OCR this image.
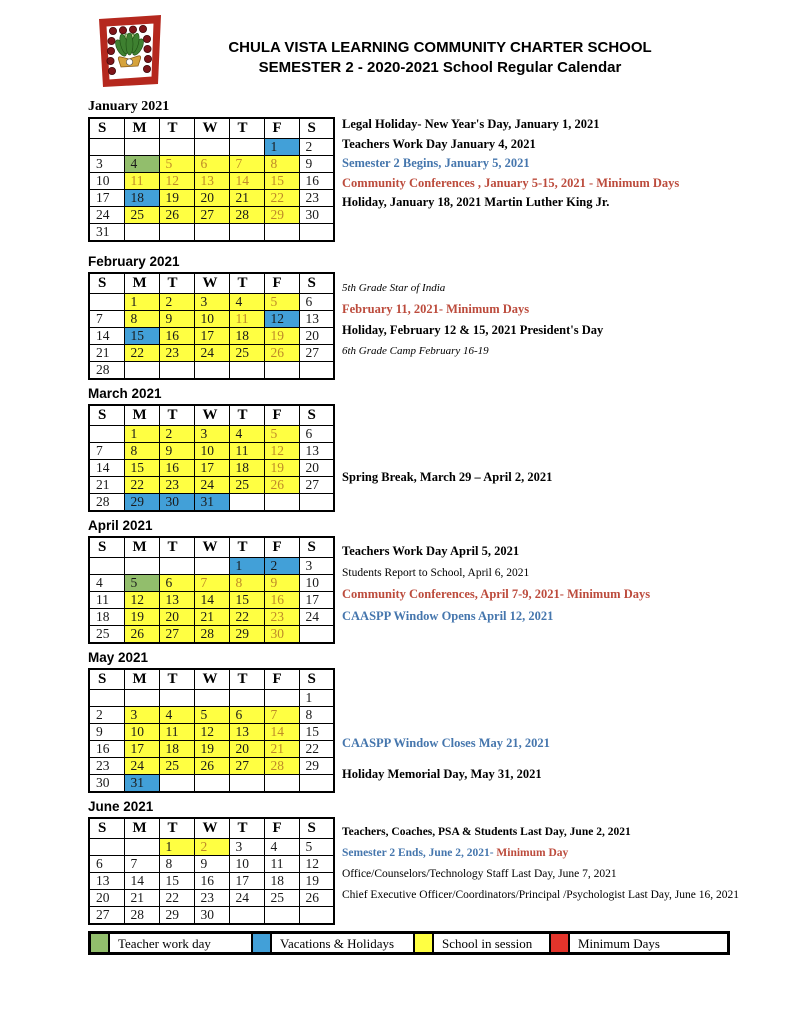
CHULA VISTA LEARNING COMMUNITY CHARTER SCHOOL
SEMESTER 2 - 2020-2021 School Regular Calendar
January 2021
S	M	T	W	T	F	S
					1	2
3	4	5	6	7	8	9
10	11	12	13	14	15	16
17	18	19	20	21	22	23
24	25	26	27	28	29	30
31						
Legal Holiday- New Year's Day, January 1, 2021
Teachers Work Day January 4, 2021
Semester 2 Begins, January 5, 2021
Community Conferences , January 5-15, 2021 - Minimum Days
Holiday, January 18, 2021 Martin Luther King Jr.
February 2021
S	M	T	W	T	F	S
	1	2	3	4	5	6
7	8	9	10	11	12	13
14	15	16	17	18	19	20
21	22	23	24	25	26	27
28						
5th Grade Star of India
February 11, 2021- Minimum Days
Holiday, February 12 & 15, 2021 President's Day
6th Grade Camp February 16-19
March 2021
S	M	T	W	T	F	S
	1	2	3	4	5	6
7	8	9	10	11	12	13
14	15	16	17	18	19	20
21	22	23	24	25	26	27
28	29	30	31			
Spring Break, March 29 – April 2, 2021
April 2021
S	M	T	W	T	F	S
				1	2	3
4	5	6	7	8	9	10
11	12	13	14	15	16	17
18	19	20	21	22	23	24
25	26	27	28	29	30	
Teachers Work Day April 5, 2021
Students Report to School, April 6, 2021
Community Conferences, April 7-9, 2021- Minimum Days
CAASPP Window Opens April 12, 2021
May 2021
S	M	T	W	T	F	S
						1
2	3	4	5	6	7	8
9	10	11	12	13	14	15
16	17	18	19	20	21	22
23	24	25	26	27	28	29
30	31					
CAASPP Window Closes May 21, 2021
Holiday Memorial Day, May 31, 2021
June 2021
S	M	T	W	T	F	S
		1	2	3	4	5
6	7	8	9	10	11	12
13	14	15	16	17	18	19
20	21	22	23	24	25	26
27	28	29	30			
Teachers, Coaches, PSA & Students Last Day, June 2, 2021
Semester 2 Ends, June 2, 2021- Minimum Day
Office/Counselors/Technology Staff Last Day, June 7, 2021
Chief Executive Officer/Coordinators/Principal /Psychologist Last Day, June 16, 2021
Teacher work day	Vacations & Holidays	School in session	Minimum Days
